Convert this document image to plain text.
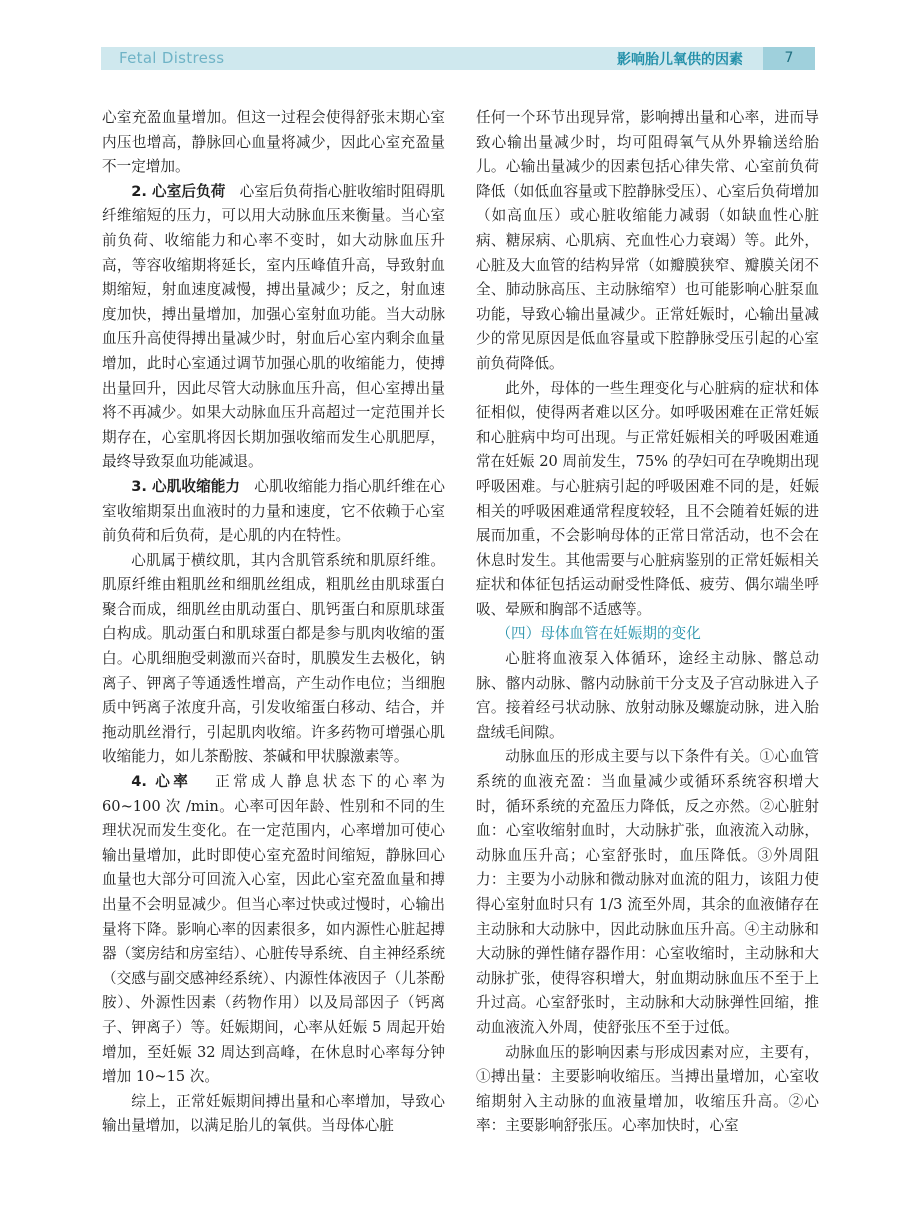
Fetal Distress	影响胎儿氧供的因素	7

心室充盈血量增加。但这一过程会使得舒张末期心室内压也增高，静脉回心血量将减少，因此心室充盈量不一定增加。

2. 心室后负荷 心室后负荷指心脏收缩时阻碍肌纤维缩短的压力，可以用大动脉血压来衡量。当心室前负荷、收缩能力和心率不变时，如大动脉血压升高，等容收缩期将延长，室内压峰值升高，导致射血期缩短，射血速度减慢，搏出量减少；反之，射血速度加快，搏出量增加，加强心室射血功能。当大动脉血压升高使得搏出量减少时，射血后心室内剩余血量增加，此时心室通过调节加强心肌的收缩能力，使搏出量回升，因此尽管大动脉血压升高，但心室搏出量将不再减少。如果大动脉血压升高超过一定范围并长期存在，心室肌将因长期加强收缩而发生心肌肥厚，最终导致泵血功能减退。

3. 心肌收缩能力 心肌收缩能力指心肌纤维在心室收缩期泵出血液时的力量和速度，它不依赖于心室前负荷和后负荷，是心肌的内在特性。

心肌属于横纹肌，其内含肌管系统和肌原纤维。肌原纤维由粗肌丝和细肌丝组成，粗肌丝由肌球蛋白聚合而成，细肌丝由肌动蛋白、肌钙蛋白和原肌球蛋白构成。肌动蛋白和肌球蛋白都是参与肌肉收缩的蛋白。心肌细胞受刺激而兴奋时，肌膜发生去极化，钠离子、钾离子等通透性增高，产生动作电位；当细胞质中钙离子浓度升高，引发收缩蛋白移动、结合，并拖动肌丝滑行，引起肌肉收缩。许多药物可增强心肌收缩能力，如儿茶酚胺、茶碱和甲状腺激素等。

4. 心率 正常成人静息状态下的心率为 60~100 次 /min。心率可因年龄、性别和不同的生理状况而发生变化。在一定范围内，心率增加可使心输出量增加，此时即使心室充盈时间缩短，静脉回心血量也大部分可回流入心室，因此心室充盈血量和搏出量不会明显减少。但当心率过快或过慢时，心输出量将下降。影响心率的因素很多，如内源性心脏起搏器（窦房结和房室结）、心脏传导系统、自主神经系统（交感与副交感神经系统）、内源性体液因子（儿茶酚胺）、外源性因素（药物作用）以及局部因子（钙离子、钾离子）等。妊娠期间，心率从妊娠 5 周起开始增加，至妊娠 32 周达到高峰，在休息时心率每分钟增加 10~15 次。

综上，正常妊娠期间搏出量和心率增加，导致心输出量增加，以满足胎儿的氧供。当母体心脏

任何一个环节出现异常，影响搏出量和心率，进而导致心输出量减少时，均可阻碍氧气从外界输送给胎儿。心输出量减少的因素包括心律失常、心室前负荷降低（如低血容量或下腔静脉受压）、心室后负荷增加（如高血压）或心脏收缩能力减弱（如缺血性心脏病、糖尿病、心肌病、充血性心力衰竭）等。此外，心脏及大血管的结构异常（如瓣膜狭窄、瓣膜关闭不全、肺动脉高压、主动脉缩窄）也可能影响心脏泵血功能，导致心输出量减少。正常妊娠时，心输出量减少的常见原因是低血容量或下腔静脉受压引起的心室前负荷降低。

此外，母体的一些生理变化与心脏病的症状和体征相似，使得两者难以区分。如呼吸困难在正常妊娠和心脏病中均可出现。与正常妊娠相关的呼吸困难通常在妊娠 20 周前发生，75% 的孕妇可在孕晚期出现呼吸困难。与心脏病引起的呼吸困难不同的是，妊娠相关的呼吸困难通常程度较轻，且不会随着妊娠的进展而加重，不会影响母体的正常日常活动，也不会在休息时发生。其他需要与心脏病鉴别的正常妊娠相关症状和体征包括运动耐受性降低、疲劳、偶尔端坐呼吸、晕厥和胸部不适感等。

（四）母体血管在妊娠期的变化

心脏将血液泵入体循环，途经主动脉、髂总动脉、髂内动脉、髂内动脉前干分支及子宫动脉进入子宫。接着经弓状动脉、放射动脉及螺旋动脉，进入胎盘绒毛间隙。

动脉血压的形成主要与以下条件有关。①心血管系统的血液充盈：当血量减少或循环系统容积增大时，循环系统的充盈压力降低，反之亦然。②心脏射血：心室收缩射血时，大动脉扩张，血液流入动脉，动脉血压升高；心室舒张时，血压降低。③外周阻力：主要为小动脉和微动脉对血流的阻力，该阻力使得心室射血时只有 1/3 流至外周，其余的血液储存在主动脉和大动脉中，因此动脉血压升高。④主动脉和大动脉的弹性储存器作用：心室收缩时，主动脉和大动脉扩张，使得容积增大，射血期动脉血压不至于上升过高。心室舒张时，主动脉和大动脉弹性回缩，推动血液流入外周，使舒张压不至于过低。

动脉血压的影响因素与形成因素对应，主要有，①搏出量：主要影响收缩压。当搏出量增加，心室收缩期射入主动脉的血液量增加，收缩压升高。②心率：主要影响舒张压。心率加快时，心室
